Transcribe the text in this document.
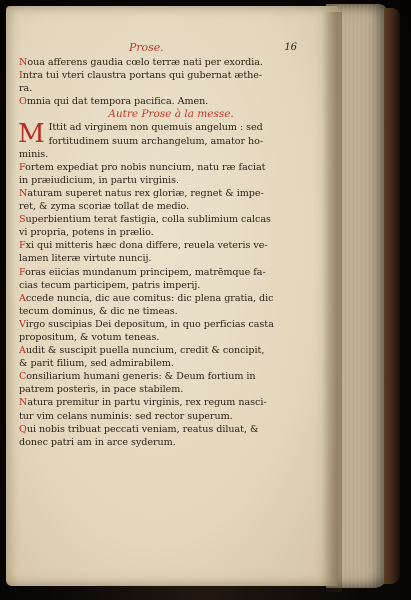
Prose.	16
Noua afferens gaudia cœlo terræ nati per exordia.
Intra tui vteri claustra portans qui gubernat æthe-
ra.
Omnia qui dat tempora pacifica. Amen.
Autre Prose à la messe.
M Ittit ad virginem non quemuis angelum : sed
fortitudinem suum archangelum, amator ho-
minis.
Fortem expediat pro nobis nuncium, natu ræ faciat
in præiudicium, in partu virginis.
Naturam superet natus rex gloriæ, regnet & impe-
ret, & zyma scoriæ tollat de medio.
Superbientium terat fastigia, colla sublimium calcas
vi propria, potens in prælio.
Fxi qui mitteris hæc dona differe, reuela veteris ve-
lamen literæ virtute nuncij.
Foras eiicias mundanum principem, matrēmque fa-
cias tecum participem, patris imperij.
Accede nuncia, dic aue comitus: dic plena gratia, dic
tecum dominus, & dic ne timeas.
Virgo suscipias Dei depositum, in quo perficias casta
propositum, & votum teneas.
Audit & suscipit puella nuncium, credit & concipit,
& parit filium, sed admirabilem.
Consiliarium humani generis: & Deum fortium in
patrem posteris, in pace stabilem.
Natura premitur in partu virginis, rex regum nasci-
tur vim celans numinis: sed rector superum.
Qui nobis tribuat peccati veniam, reatus diluat, &
donec patri am in arce syderum.
